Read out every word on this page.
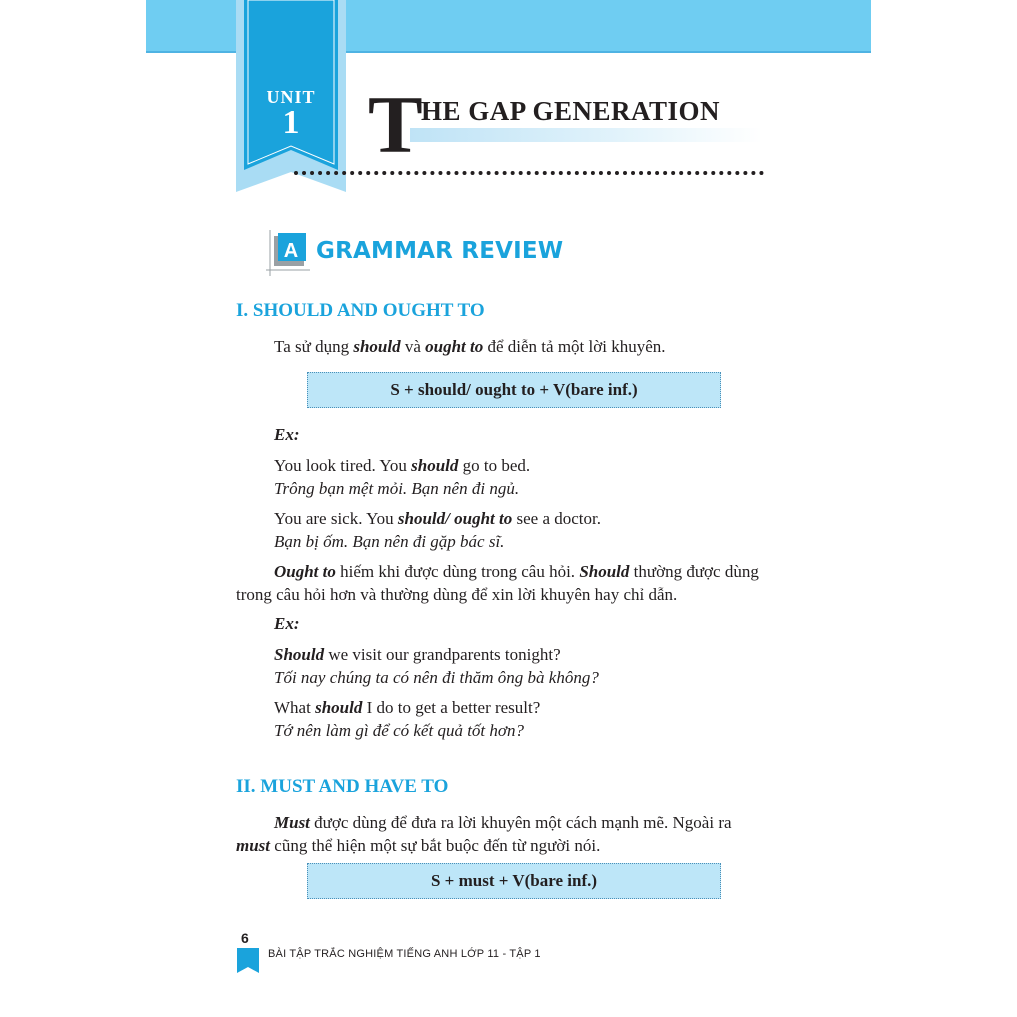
UNIT
1 T
HE GAP GENERATION
A GRAMMAR REVIEW
I. SHOULD AND OUGHT TO
Ta sử dụng should và ought to để diễn tả một lời khuyên.
S + should/ ought to + V(bare inf.)
Ex:
You look tired. You should go to bed.
Trông bạn mệt mỏi. Bạn nên đi ngủ.
You are sick. You should/ ought to see a doctor.
Bạn bị ốm. Bạn nên đi gặp bác sĩ.
Ought to hiếm khi được dùng trong câu hỏi. Should thường được dùng
trong câu hỏi hơn và thường dùng để xin lời khuyên hay chỉ dẫn.
Ex:
Should we visit our grandparents tonight?
Tối nay chúng ta có nên đi thăm ông bà không?
What should I do to get a better result?
Tớ nên làm gì để có kết quả tốt hơn?
II. MUST AND HAVE TO
Must được dùng để đưa ra lời khuyên một cách mạnh mẽ. Ngoài ra
must cũng thể hiện một sự bắt buộc đến từ người nói.
S + must + V(bare inf.)
6
BÀI TẬP TRẮC NGHIỆM TIẾNG ANH LỚP 11 - TẬP 1
